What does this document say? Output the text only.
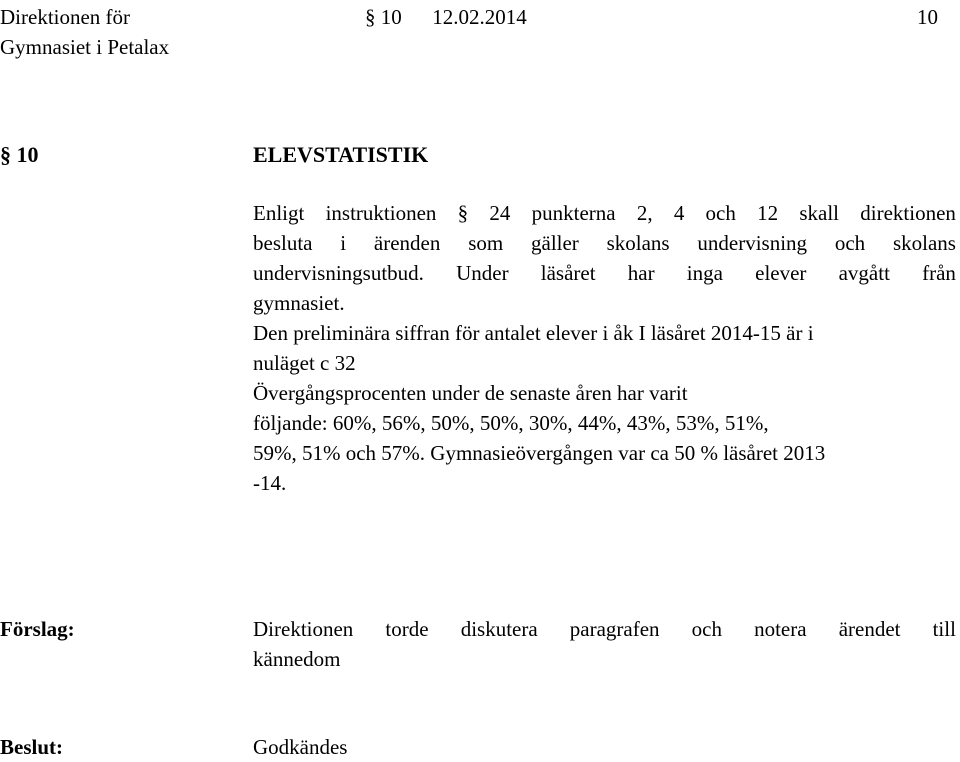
Direktionen för
Gymnasiet i Petalax
§ 10 12.02.2014	10
§ 10	ELEVSTATISTIK
Enligt instruktionen § 24 punkterna 2, 4 och 12 skall direktionen
besluta i ärenden som gäller skolans undervisning och skolans
undervisningsutbud. Under läsåret har inga elever avgått från
gymnasiet.
Den preliminära siffran för antalet elever i åk I läsåret 2014-15 är i
nuläget c 32
Övergångsprocenten under de senaste åren har varit
följande: 60%, 56%, 50%, 50%, 30%, 44%, 43%, 53%, 51%,
59%, 51% och 57%. Gymnasieövergången var ca 50 % läsåret 2013
-14.
Förslag:	Direktionen torde diskutera paragrafen och notera ärendet till
kännedom
Beslut:	Godkändes
